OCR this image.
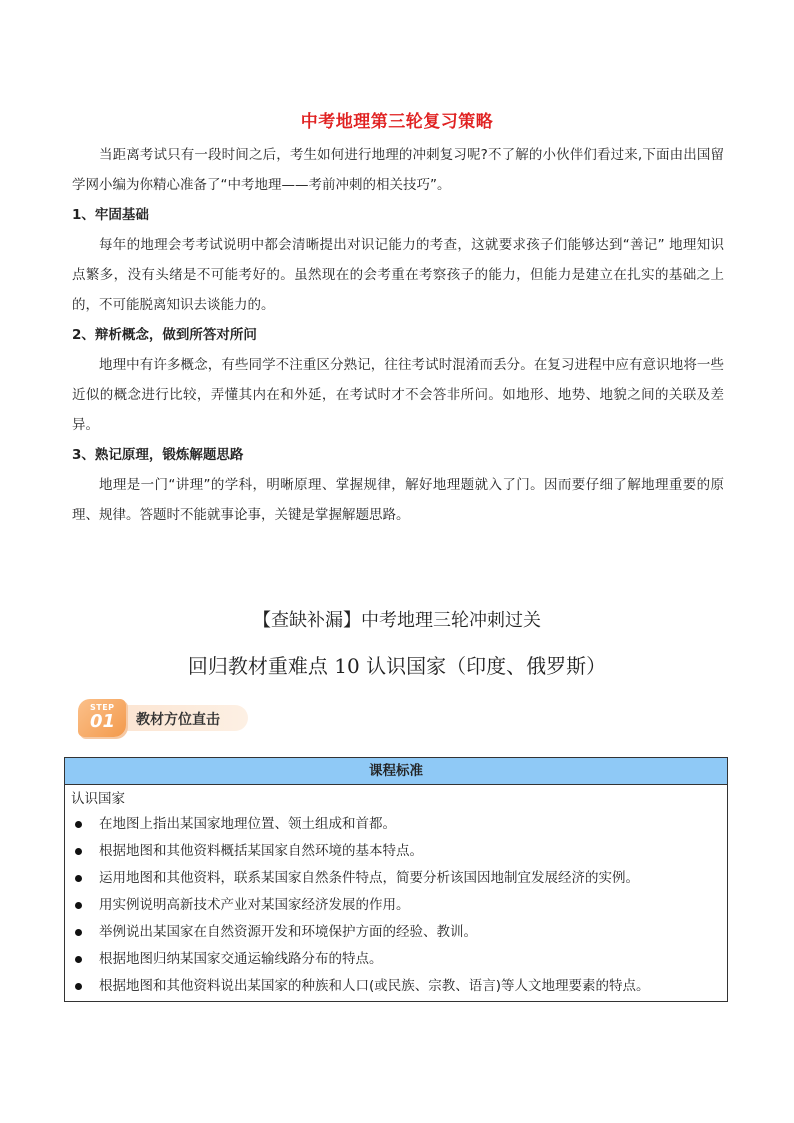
中考地理第三轮复习策略

当距离考试只有一段时间之后，考生如何进行地理的冲刺复习呢?不了解的小伙伴们看过来,下面由出国留学网小编为你精心准备了“中考地理——考前冲刺的相关技巧”。

1、牢固基础

每年的地理会考考试说明中都会清晰提出对识记能力的考查，这就要求孩子们能够达到“善记” 地理知识点繁多，没有头绪是不可能考好的。虽然现在的会考重在考察孩子的能力，但能力是建立在扎实的基础之上的，不可能脱离知识去谈能力的。

2、辩析概念，做到所答对所问

地理中有许多概念，有些同学不注重区分熟记，往往考试时混淆而丢分。在复习进程中应有意识地将一些近似的概念进行比较，弄懂其内在和外延，在考试时才不会答非所问。如地形、地势、地貌之间的关联及差异。

3、熟记原理，锻炼解题思路

地理是一门“讲理”的学科，明晰原理、掌握规律，解好地理题就入了门。因而要仔细了解地理重要的原理、规律。答题时不能就事论事，关键是掌握解题思路。

【查缺补漏】中考地理三轮冲刺过关
回归教材重难点 10 认识国家（印度、俄罗斯）
STEP
01 教材方位直击
课程标准

认识国家

在地图上指出某国家地理位置、领土组成和首都。
根据地图和其他资料概括某国家自然环境的基本特点。
运用地图和其他资料，联系某国家自然条件特点，简要分析该国因地制宜发展经济的实例。
用实例说明高新技术产业对某国家经济发展的作用。
举例说出某国家在自然资源开发和环境保护方面的经验、教训。
根据地图归纳某国家交通运输线路分布的特点。
根据地图和其他资料说出某国家的种族和人口(或民族、宗教、语言)等人文地理要素的特点。
